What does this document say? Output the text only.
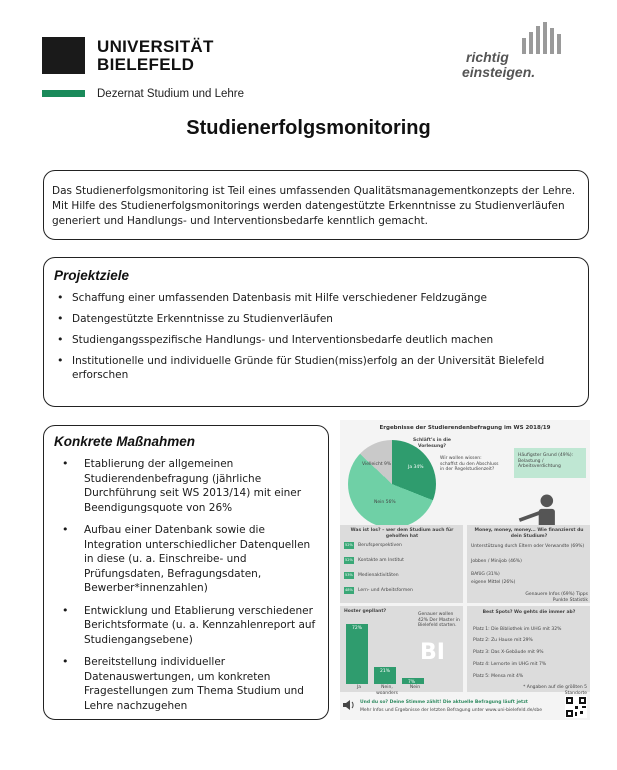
UNIVERSITÄT
BIELEFELD
Dezernat Studium und Lehre
richtig
einsteigen.
Studienerfolgsmonitoring
Das Studienerfolgsmonitoring ist Teil eines umfassenden Qualitätsmanagementkonzepts der Lehre. Mit Hilfe des Studienerfolgsmonitorings werden datengestützte Erkenntnisse zu Studienverläufen generiert und Handlungs- und Interventionsbedarfe kenntlich gemacht.
Projektziele
• Schaffung einer umfassenden Datenbasis mit Hilfe verschiedener Feldzugänge
• Datengestützte Erkenntnisse zu Studienverläufen
• Studiengangsspezifische Handlungs- und Interventionsbedarfe deutlich machen
• Institutionelle und individuelle Gründe für Studien(miss)erfolg an der Universität Bielefeld erforschen
Konkrete Maßnahmen
• Etablierung der allgemeinen Studierendenbefragung (jährliche Durchführung seit WS 2013/14) mit einer Beendigungsquote von 26%
• Aufbau einer Datenbank sowie die Integration unterschiedlicher Datenquellen in diese (u. a. Einschreibe- und Prüfungsdaten, Befragungsdaten, Bewerber*innenzahlen)
• Entwicklung und Etablierung verschiedener Berichtsformate (u. a. Kennzahlenreport auf Studiengangsebene)
• Bereitstellung individueller Datenauswertungen, um konkreten Fragestellungen zum Thema Studium und Lehre nachzugehen
Ergebnisse der Studierendenbefragung im WS 2018/19
Schläft’s in die Vorlesung?
Vielleicht 9%
Ja 34%
Nein 56%
Wir wollen wissen: schaffst du den Abschluss in der Regelstudienzeit?
Häufigster Grund (49%): Belastung / Arbeitsverdichtung
Was ist los? – wer dem Studium auch für geholfen hat
52% Berufsperspektiven
52% Kontakte am Institut
53% Medienaktivitäten
48% Lern- und Arbeitsformen
Money, money, money... Wie finanzierst du dein Studium?
Unterstützung durch Eltern oder Verwandte (69%)
Jobben / Minijob (46%)
BAföG (31%)
eigene Mittel (26%)
Genauere Infos (69%) Tipps Punkte Statistik
Hoster gepllant?
Genauer wollen 42% Der Master in Bielefeld starten.
72%
Ja
21%
Nein, woanders
7%
Nein
BI
Best Spots? Wo gehts die immer ab?
Platz 1: Die Bibliothek im UHG mit 32%
Platz 2: Zu Hause mit 29%
Platz 3: Das X-Gebäude mit 9%
Platz 4: Lernorte im UHG mit 7%
Platz 5: Mensa mit 4%
* Angaben auf die größten 5 Standorte
Und du so? Deine Stimme zählt! Die aktuelle Befragung läuft jetzt
Mehr Infos und Ergebnisse der letzten Befragung unter www.uni-bielefeld.de/sbe
